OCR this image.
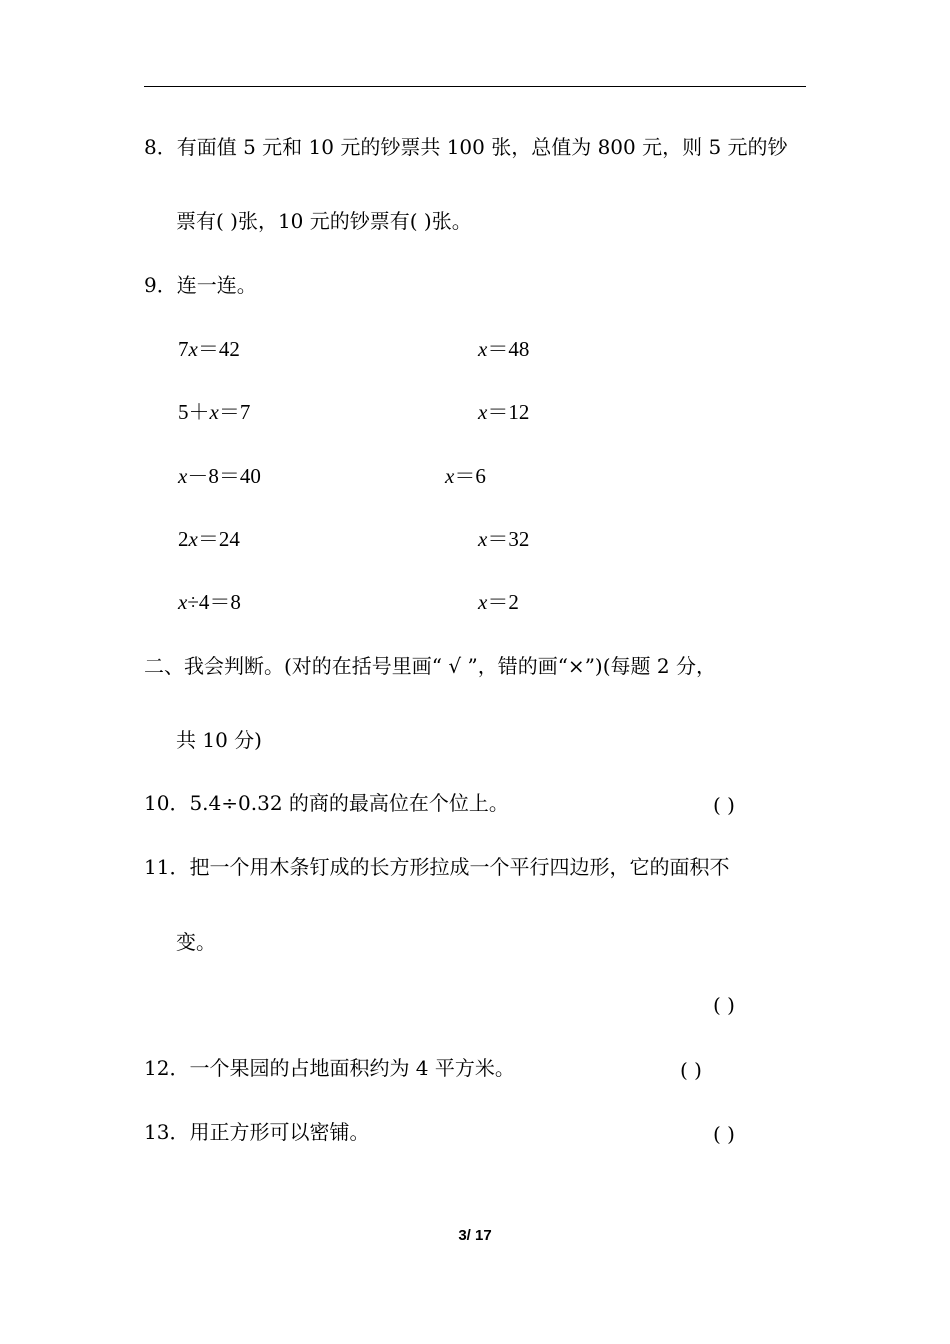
8．有面值 5 元和 10 元的钞票共 100 张，总值为 800 元，则 5 元的钞
票有( )张，10 元的钞票有( )张。
9．连一连。
7x＝42	x＝48
5＋x＝7	x＝12
x－8＝40	x＝6
2x＝24	x＝32
x÷4＝8	x＝2
二、我会判断。(对的在括号里画“ √ ”，错的画“×”)(每题 2 分，
共 10 分)
10．5.4÷0.32 的商的最高位在个位上。	( )
11．把一个用木条钉成的长方形拉成一个平行四边形，它的面积不
变。
( )
12．一个果园的占地面积约为 4 平方米。	( )
13．用正方形可以密铺。	( )
3/ 17
